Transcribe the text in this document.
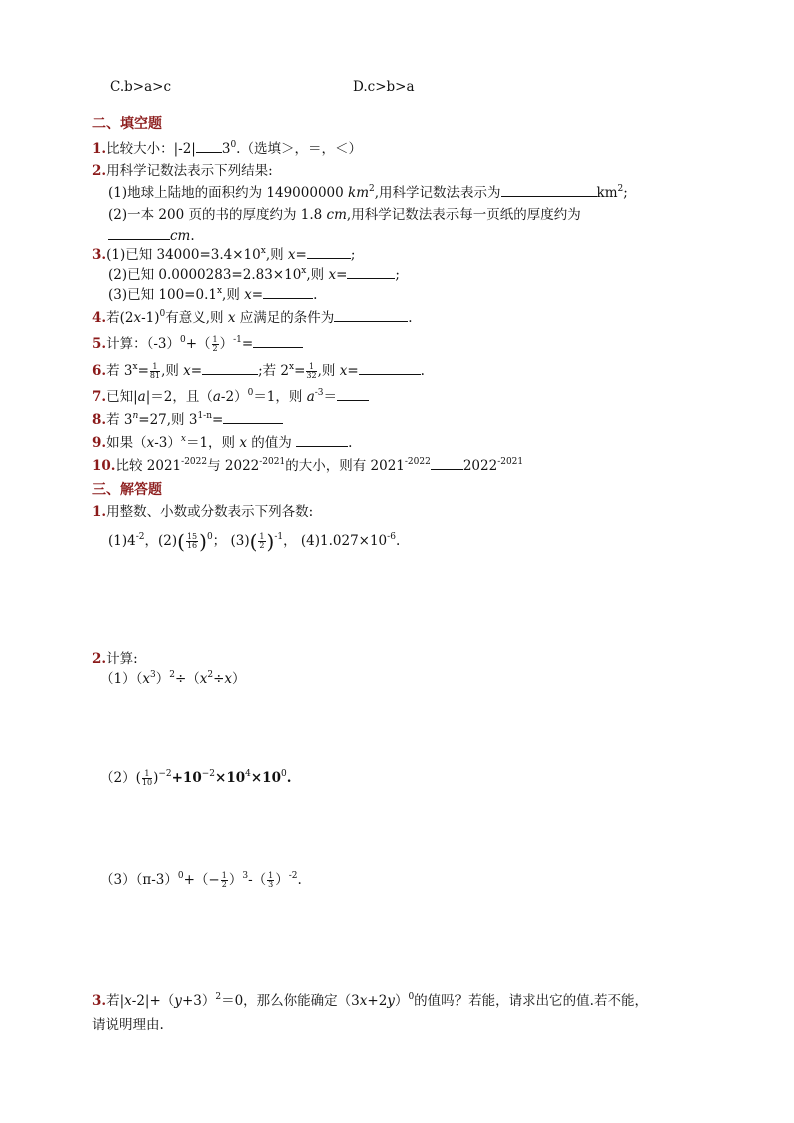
C.b>a>c	D.c>b>a
二、填空题
1.比较大小：|-2| $3^0$.（选填＞，＝，＜）
2.用科学记数法表示下列结果:
(1)地球上陆地的面积约为 149000000 $km^2$,用科学记数法表示为	$km^2$;
(2)一本 200 页的书的厚度约为 1.8 cm,用科学记数法表示每一页纸的厚度约为
cm.
3.(1)已知 $34000=3.4\times 10^x$,则 x=	;
(2)已知 $0.0000283=2.83\times 10^x$,则 x=	;
(3)已知 $100=0.1^x$,则 x=	.
4.若$(2x-1)^0$有意义,则 x 应满足的条件为	.
5.计算：$(-3)^0+( \frac{1}{2} )^{-1}=$
6.若 $3^x= \frac{1}{81}$ ,则 x=	;若 $2^x= \frac{1}{32}$ ,则 x=	.
7.已知|a|＝2，且$(a-2)^0=1$，则 $a^{-3}=$
8.若 $3^n=27$,则 $3^{1-n}=$
9.如果$(x-3)^x=1$，则 x 的值为	.
10.比较 $2021^{-2022}$与 $2022^{-2021}$的大小，则有 $2021^{-2022}$ $2022^{-2021}$
三、解答题
1.用整数、小数或分数表示下列各数:
$(1)4^{-2}$，$(2)( \frac{15}{16} )^0$； $(3)( \frac{1}{2} )^{-1}$， $(4)1.027\times 10^{-6}$.
2.计算:
$(1)(x^3)^2\div(x^2\div x)$
$(2)( \frac{1}{10} )^{-2}+10^{-2}\times 10^4\times 10^0$.
$(3)(\pi-3)^0+(- \frac{1}{2} )^3-( \frac{1}{3} )^{-2}$.
3.若$|x-2|+(y+3)^2=0$，那么你能确定$(3x+2y)^0$的值吗？若能，请求出它的值.若不能，
请说明理由.
